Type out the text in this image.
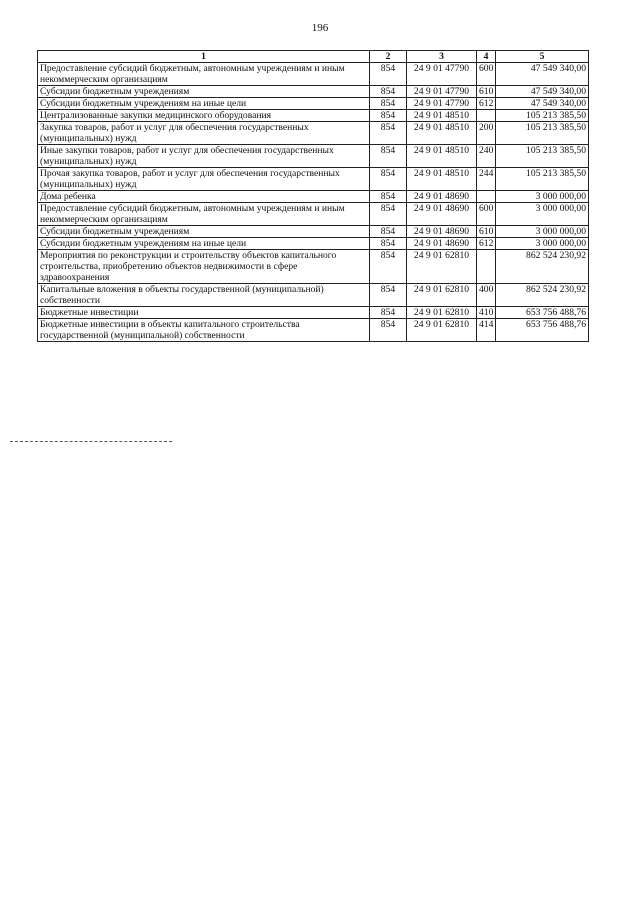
196
1	2	3	4	5
Предоставление субсидий бюджетным, автономным учреждениям и иным некоммерческим организациям	854	24 9 01 47790	600	47 549 340,00
Субсидии бюджетным учреждениям	854	24 9 01 47790	610	47 549 340,00
Субсидии бюджетным учреждениям на иные цели	854	24 9 01 47790	612	47 549 340,00
Централизованные закупки медицинского оборудования	854	24 9 01 48510		105 213 385,50
Закупка товаров, работ и услуг для обеспечения государственных (муниципальных) нужд	854	24 9 01 48510	200	105 213 385,50
Иные закупки товаров, работ и услуг для обеспечения государственных (муниципальных) нужд	854	24 9 01 48510	240	105 213 385,50
Прочая закупка товаров, работ и услуг для обеспечения государственных (муниципальных) нужд	854	24 9 01 48510	244	105 213 385,50
Дома ребенка	854	24 9 01 48690		3 000 000,00
Предоставление субсидий бюджетным, автономным учреждениям и иным некоммерческим организациям	854	24 9 01 48690	600	3 000 000,00
Субсидии бюджетным учреждениям	854	24 9 01 48690	610	3 000 000,00
Субсидии бюджетным учреждениям на иные цели	854	24 9 01 48690	612	3 000 000,00
Мероприятия по реконструкции и строительству объектов капитального строительства, приобретению объектов недвижимости в сфере здравоохранения	854	24 9 01 62810		862 524 230,92
Капитальные вложения в объекты государственной (муниципальной) собственности	854	24 9 01 62810	400	862 524 230,92
Бюджетные инвестиции	854	24 9 01 62810	410	653 756 488,76
Бюджетные инвестиции в объекты капитального строительства государственной (муниципальной) собственности	854	24 9 01 62810	414	653 756 488,76
